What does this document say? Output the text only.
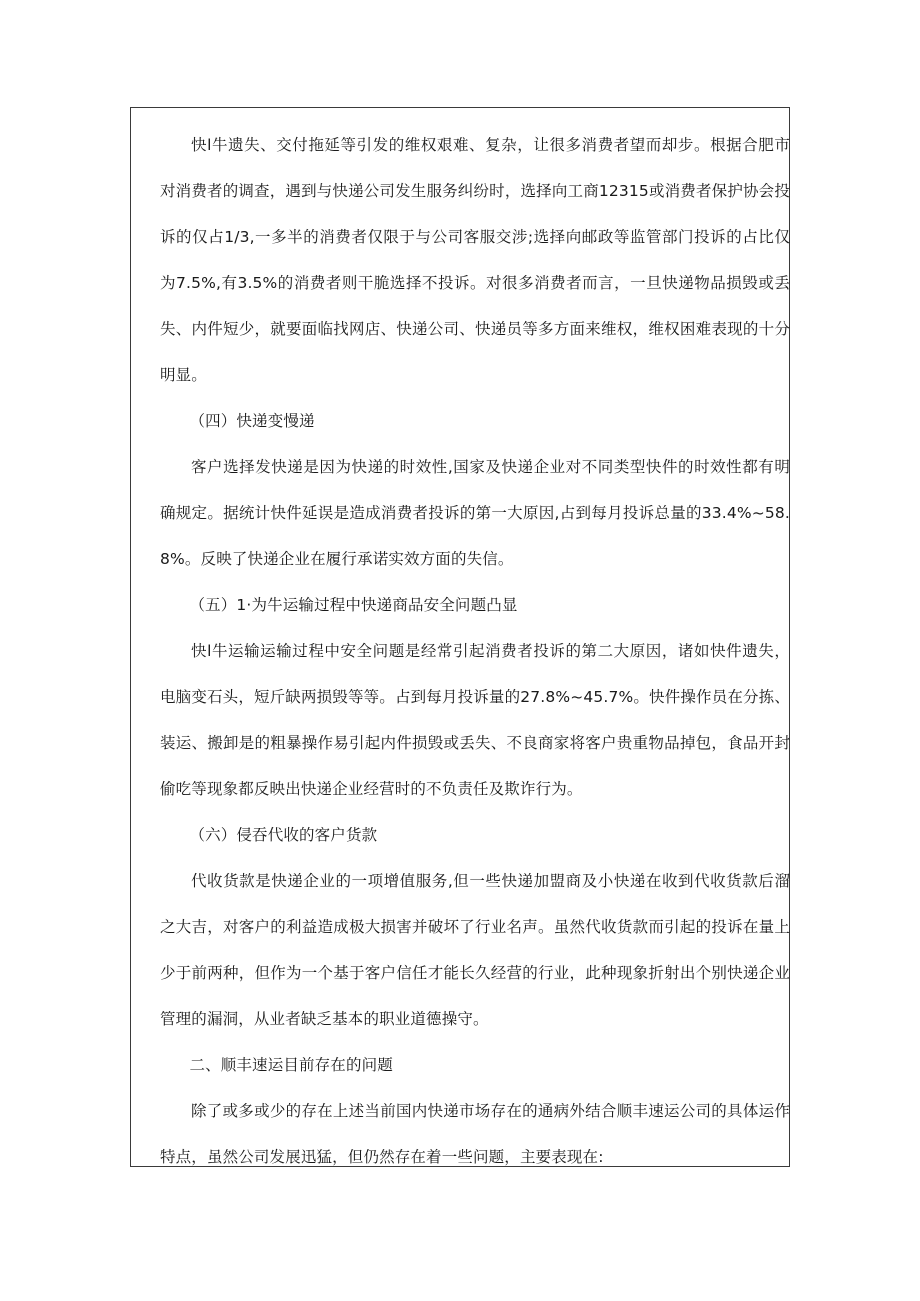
快l牛遗失、交付拖延等引发的维权艰难、复杂，让很多消费者望而却步。根据合肥市对消费者的调查，遇到与快递公司发生服务纠纷时，选择向工商12315或消费者保护协会投诉的仅占1/3,一多半的消费者仅限于与公司客服交涉;选择向邮政等监管部门投诉的占比仅为7.5%,有3.5%的消费者则干脆选择不投诉。对很多消费者而言，一旦快递物品损毁或丢失、内件短少，就要面临找网店、快递公司、快递员等多方面来维权，维权困难表现的十分明显。

（四）快递变慢递

客户选择发快递是因为快递的时效性,国家及快递企业对不同类型快件的时效性都有明确规定。据统计快件延误是造成消费者投诉的第一大原因,占到每月投诉总量的33.4%~58.8%。反映了快递企业在履行承诺实效方面的失信。

（五）1·为牛运输过程中快递商品安全问题凸显

快l牛运输运输过程中安全问题是经常引起消费者投诉的第二大原因，诸如快件遗失，电脑变石头，短斤缺两损毁等等。占到每月投诉量的27.8%~45.7%。快件操作员在分拣、装运、搬卸是的粗暴操作易引起内件损毁或丢失、不良商家将客户贵重物品掉包，食品开封偷吃等现象都反映出快递企业经营时的不负责任及欺诈行为。

（六）侵吞代收的客户货款

代收货款是快递企业的一项增值服务,但一些快递加盟商及小快递在收到代收货款后溜之大吉，对客户的利益造成极大损害并破坏了行业名声。虽然代收货款而引起的投诉在量上少于前两种，但作为一个基于客户信任才能长久经营的行业，此种现象折射出个别快递企业管理的漏洞，从业者缺乏基本的职业道德操守。

二、顺丰速运目前存在的问题

除了或多或少的存在上述当前国内快递市场存在的通病外结合顺丰速运公司的具体运作特点，虽然公司发展迅猛，但仍然存在着一些问题，主要表现在:
